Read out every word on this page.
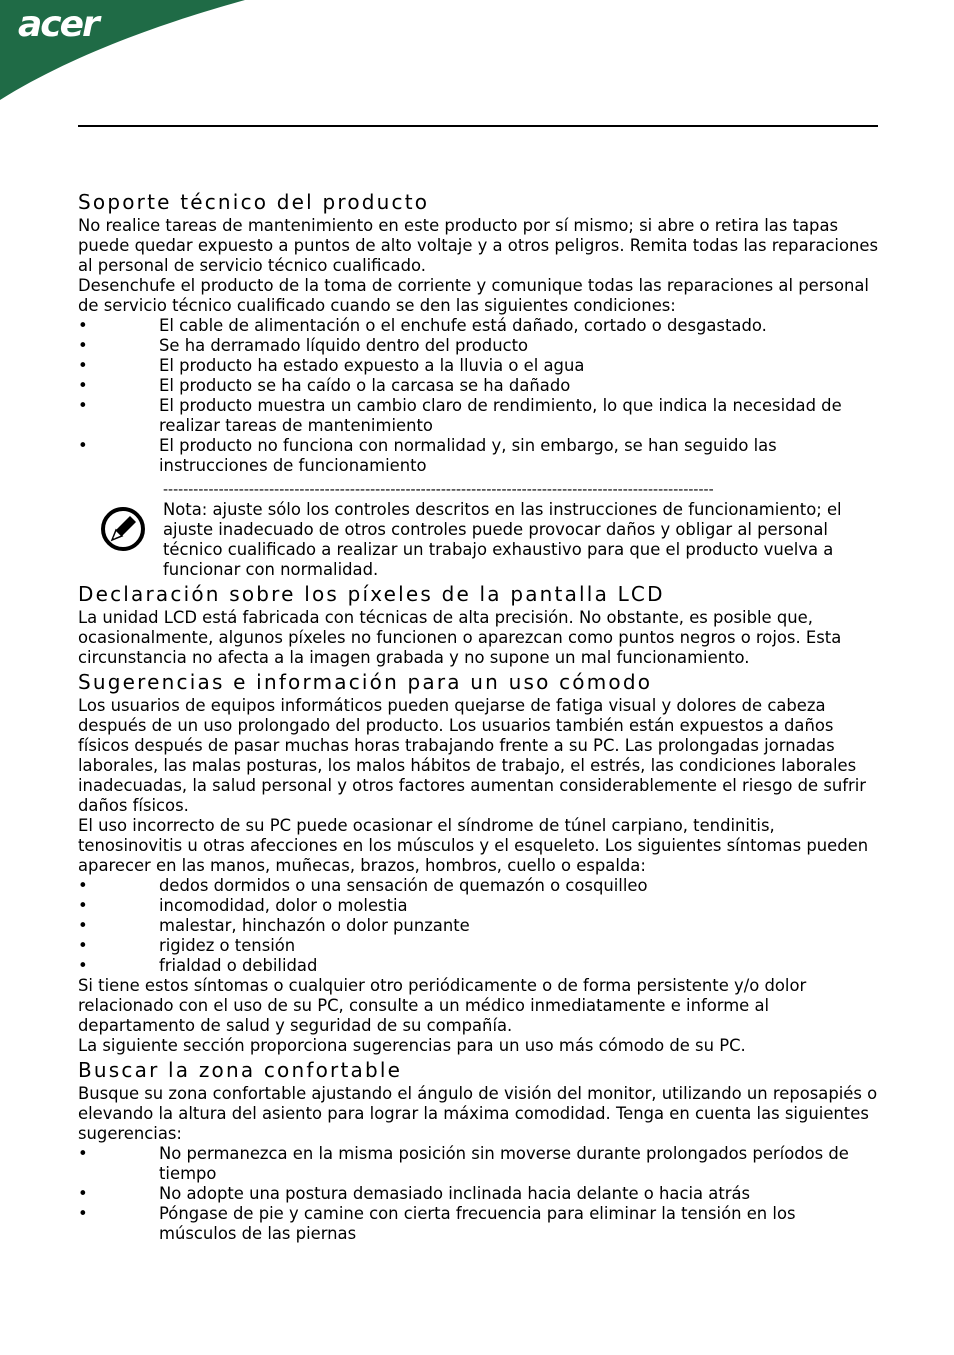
acer
Soporte técnico del producto

No realice tareas de mantenimiento en este producto por sí mismo; si abre o retira las tapas puede quedar expuesto a puntos de alto voltaje y a otros peligros. Remita todas las reparaciones al personal de servicio técnico cualificado.

Desenchufe el producto de la toma de corriente y comunique todas las reparaciones al personal de servicio técnico cualificado cuando se den las siguientes condiciones:

•	El cable de alimentación o el enchufe está dañado, cortado o desgastado.
•	Se ha derramado líquido dentro del producto
•	El producto ha estado expuesto a la lluvia o el agua
•	El producto se ha caído o la carcasa se ha dañado
•	El producto muestra un cambio claro de rendimiento, lo que indica la necesidad de realizar tareas de mantenimiento
•	El producto no funciona con normalidad y, sin embargo, se han seguido las instrucciones de funcionamiento
-------------------------------------------------------------------------------------------------------------

Nota: ajuste sólo los controles descritos en las instrucciones de funcionamiento; el ajuste inadecuado de otros controles puede provocar daños y obligar al personal técnico cualificado a realizar un trabajo exhaustivo para que el producto vuelva a funcionar con normalidad.

Declaración sobre los píxeles de la pantalla LCD

La unidad LCD está fabricada con técnicas de alta precisión. No obstante, es posible que, ocasionalmente, algunos píxeles no funcionen o aparezcan como puntos negros o rojos. Esta circunstancia no afecta a la imagen grabada y no supone un mal funcionamiento.

Sugerencias e información para un uso cómodo

Los usuarios de equipos informáticos pueden quejarse de fatiga visual y dolores de cabeza después de un uso prolongado del producto. Los usuarios también están expuestos a daños físicos después de pasar muchas horas trabajando frente a su PC. Las prolongadas jornadas laborales, las malas posturas, los malos hábitos de trabajo, el estrés, las condiciones laborales inadecuadas, la salud personal y otros factores aumentan considerablemente el riesgo de sufrir daños físicos.

El uso incorrecto de su PC puede ocasionar el síndrome de túnel carpiano, tendinitis, tenosinovitis u otras afecciones en los músculos y el esqueleto. Los siguientes síntomas pueden aparecer en las manos, muñecas, brazos, hombros, cuello o espalda:

•	dedos dormidos o una sensación de quemazón o cosquilleo
•	incomodidad, dolor o molestia
•	malestar, hinchazón o dolor punzante
•	rigidez o tensión
•	frialdad o debilidad

Si tiene estos síntomas o cualquier otro periódicamente o de forma persistente y/o dolor relacionado con el uso de su PC, consulte a un médico inmediatamente e informe al departamento de salud y seguridad de su compañía.

La siguiente sección proporciona sugerencias para un uso más cómodo de su PC.

Buscar la zona confortable

Busque su zona confortable ajustando el ángulo de visión del monitor, utilizando un reposapiés o elevando la altura del asiento para lograr la máxima comodidad. Tenga en cuenta las siguientes sugerencias:

•	No permanezca en la misma posición sin moverse durante prolongados períodos de tiempo
•	No adopte una postura demasiado inclinada hacia delante o hacia atrás
•	Póngase de pie y camine con cierta frecuencia para eliminar la tensión en los músculos de las piernas
